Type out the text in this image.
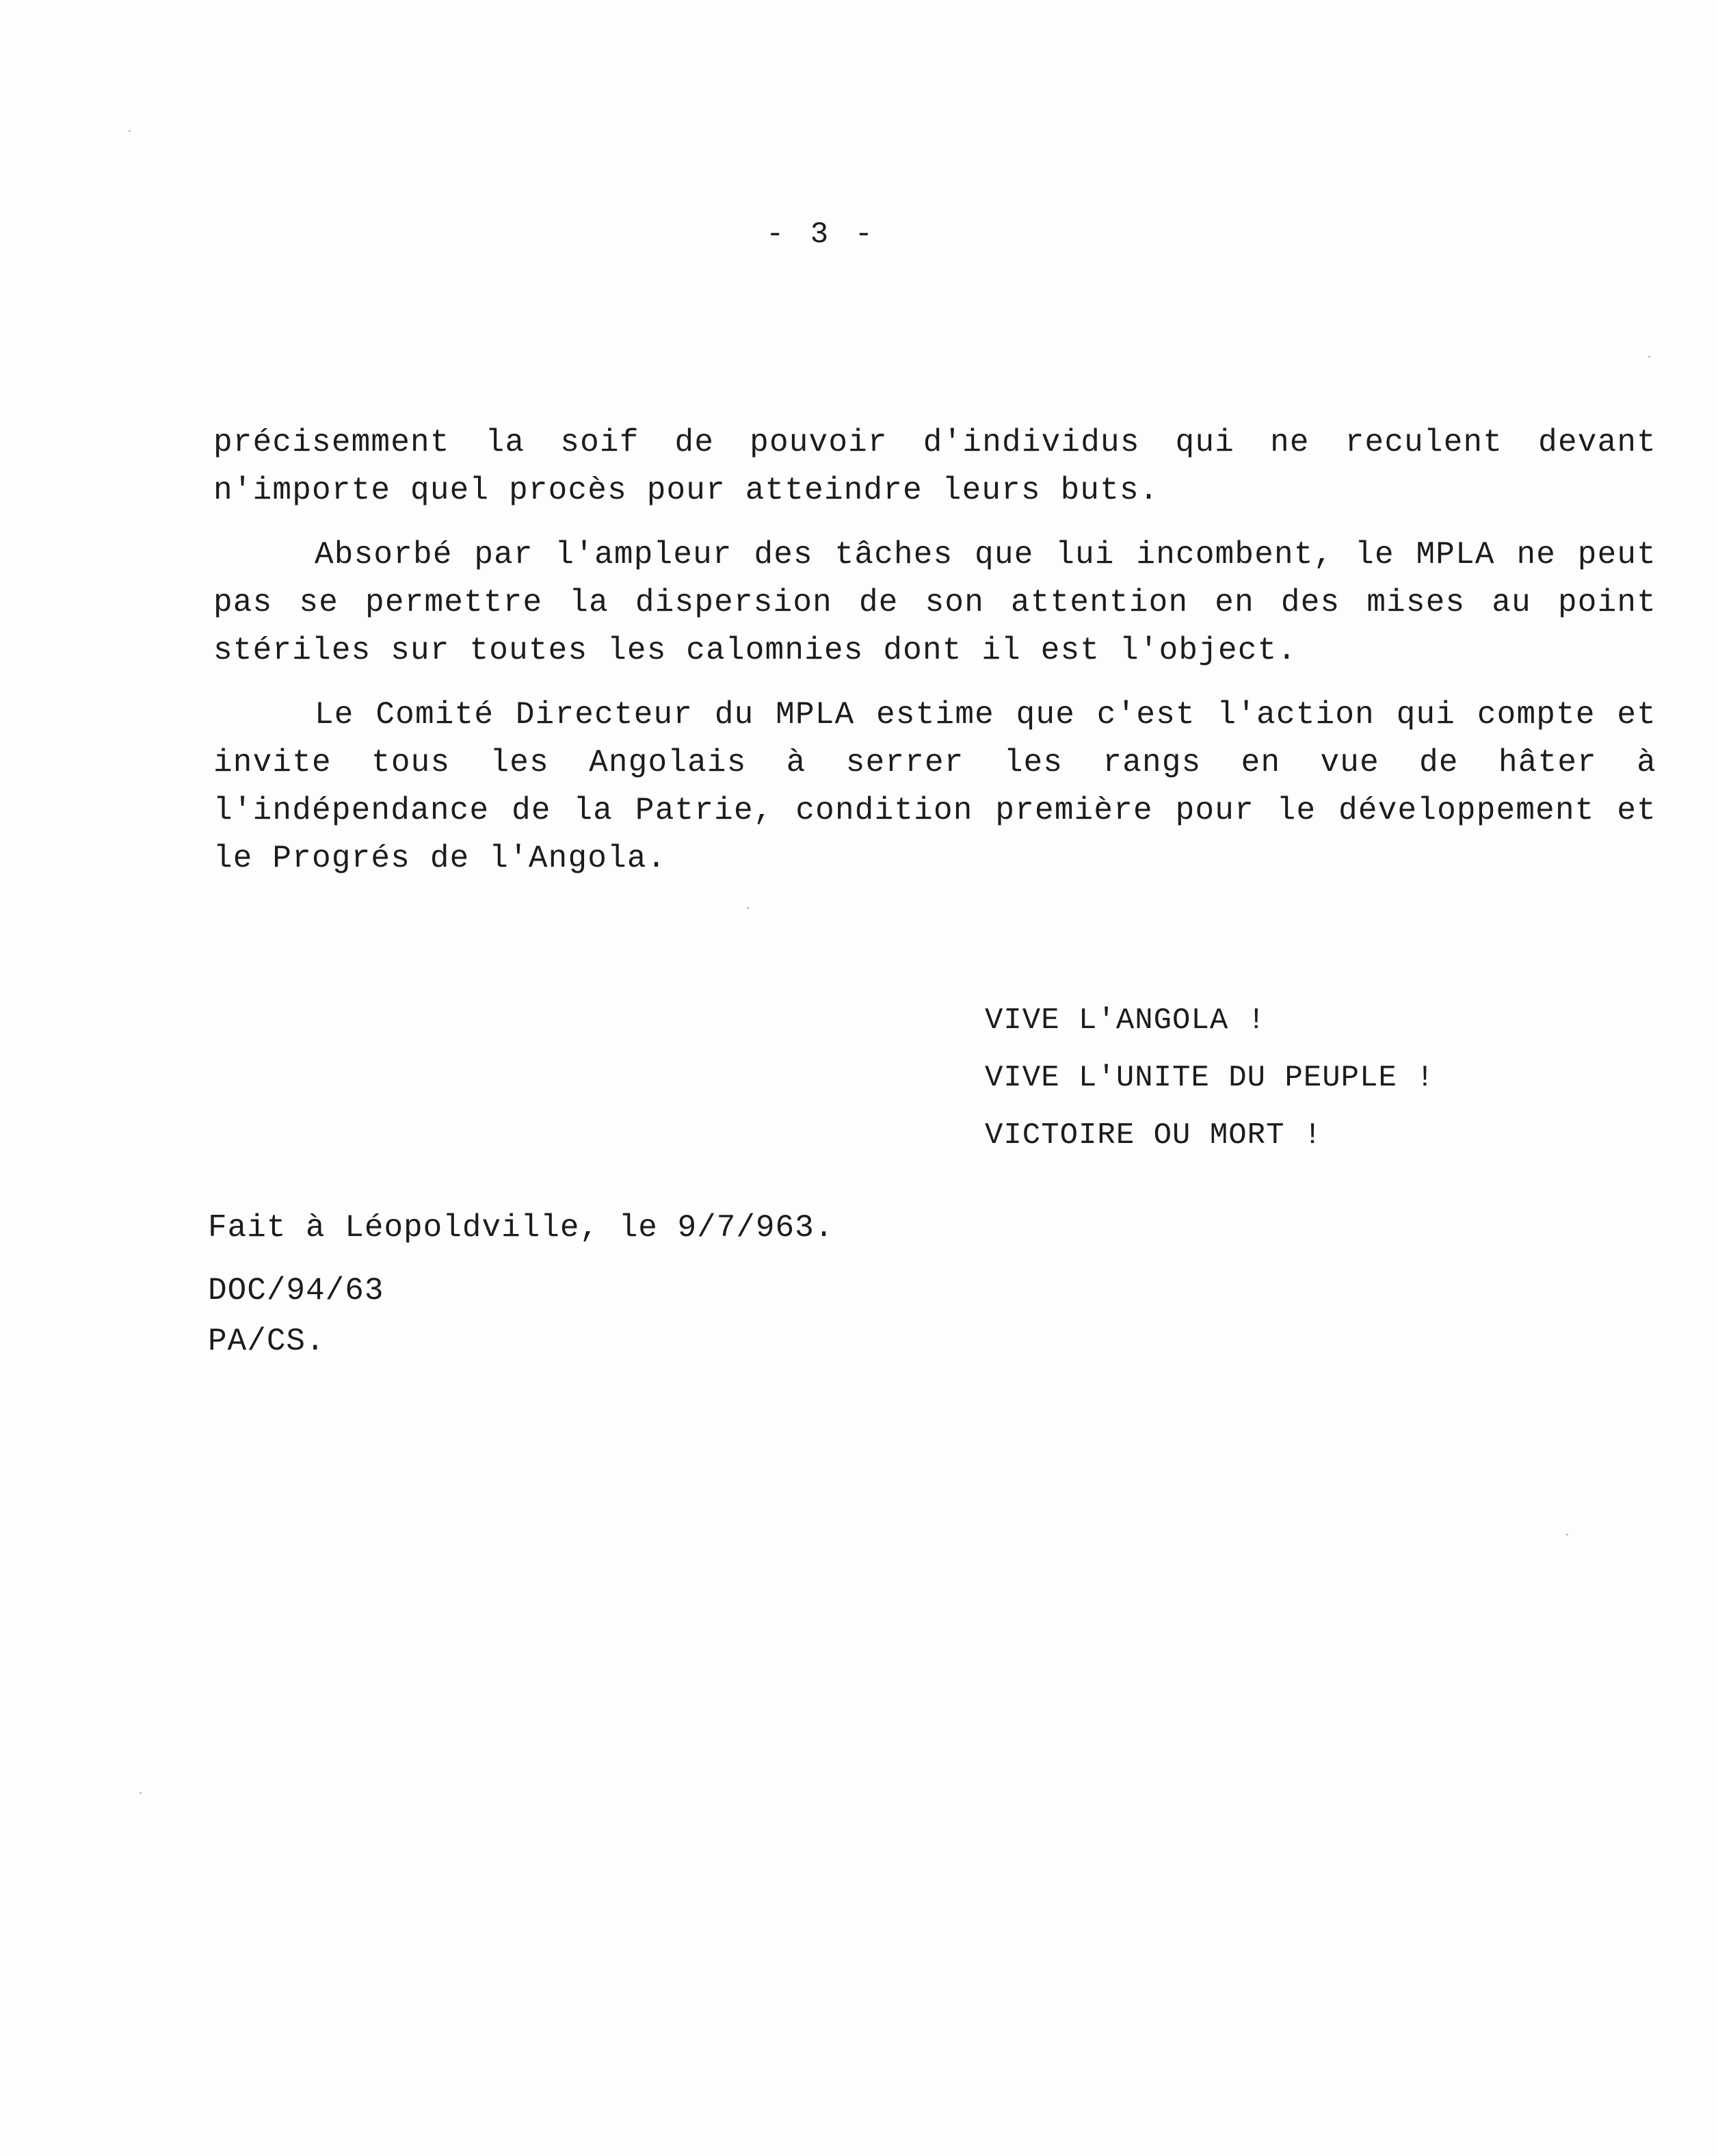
- 3 -

précisemment la soif de pouvoir d'individus qui ne reculent devant n'importe quel procès pour atteindre leurs buts.

Absorbé par l'ampleur des tâches que lui incombent, le MPLA ne peut pas se permettre la dispersion de son attention en des mises au point stériles sur toutes les calomnies dont il est l'object.

Le Comité Directeur du MPLA estime que c'est l'action qui compte et invite tous les Angolais à serrer les rangs en vue de hâter à l'indépendance de la Patrie, condition première pour le développement et le Progrés de l'Angola.

VIVE L'ANGOLA !
VIVE L'UNITE DU PEUPLE !
VICTOIRE OU MORT !
Fait à Léopoldville, le 9/7/963.
DOC/94/63
PA/CS.
